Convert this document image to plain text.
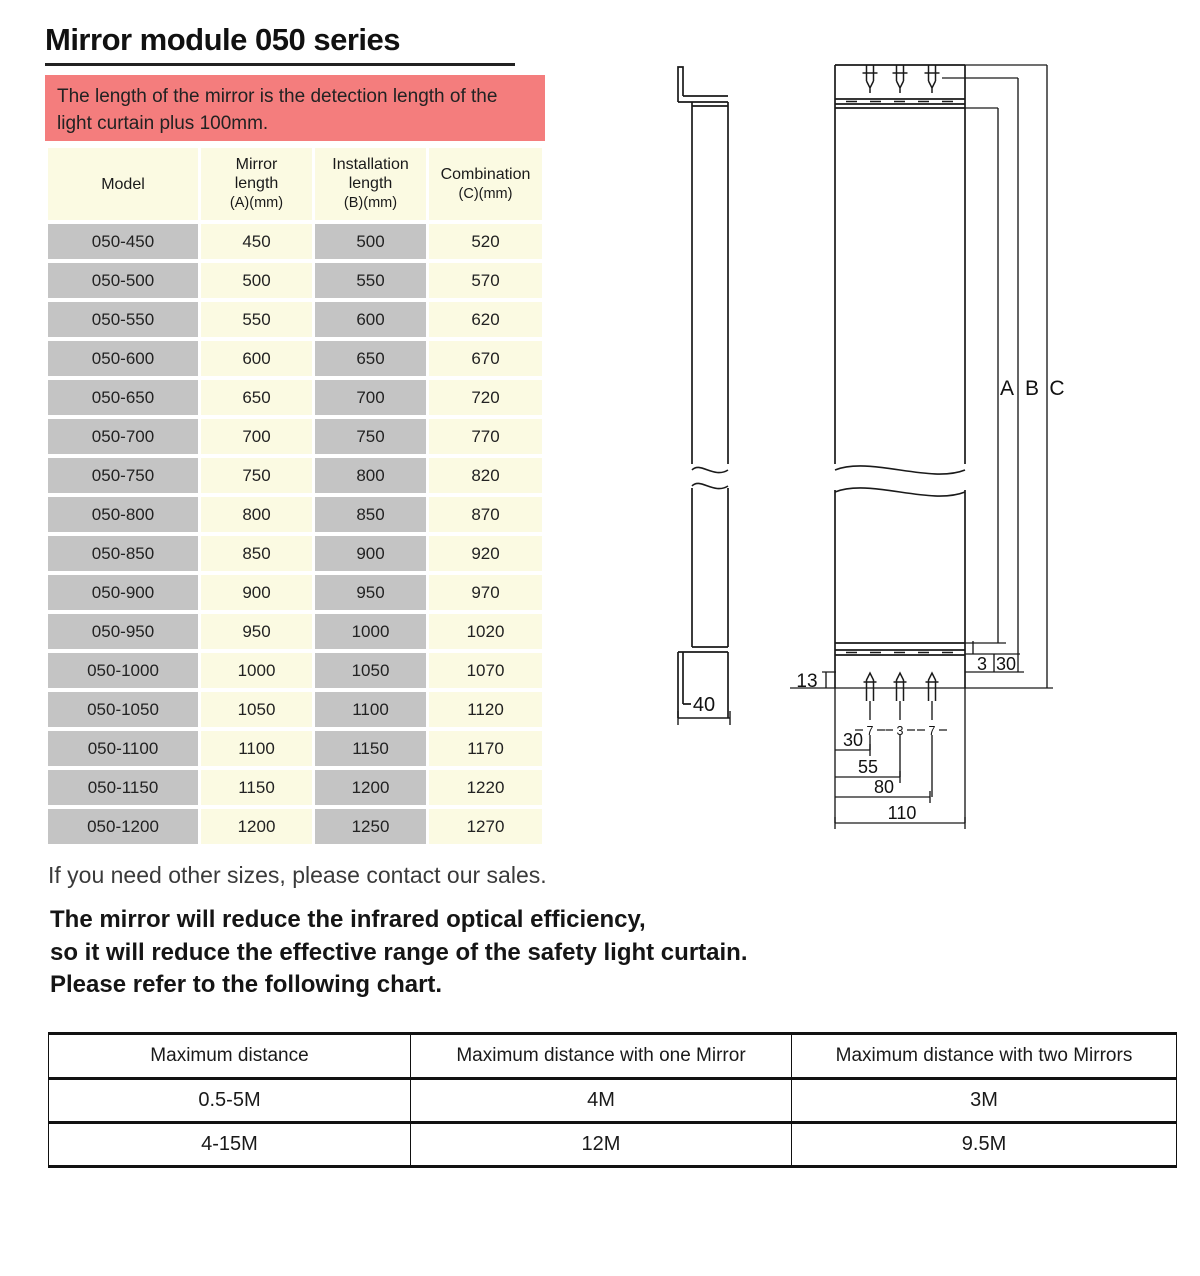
Mirror module 050 series
The length of the mirror is the detection length of the light curtain plus 100mm.
Model	Mirror
length
(A)(mm)	Installation
length
(B)(mm)	Combination
(C)(mm)
050-450	450	500	520
050-500	500	550	570
050-550	550	600	620
050-600	600	650	670
050-650	650	700	720
050-700	700	750	770
050-750	750	800	820
050-800	800	850	870
050-850	850	900	920
050-900	900	950	970
050-950	950	1000	1020
050-1000	1000	1050	1070
050-1050	1050	1100	1120
050-1100	1100	1150	1170
050-1150	1150	1200	1220
050-1200	1200	1250	1270
40
A B C
13
3 30
7 3 7
30
55
80
110
If you need other sizes, please contact our sales.
The mirror will reduce the infrared optical efficiency,
so it will reduce the effective range of the safety light curtain.
Please refer to the following chart.
Maximum distance	Maximum distance with one Mirror	Maximum distance with two Mirrors
0.5-5M	4M	3M
4-15M	12M	9.5M
